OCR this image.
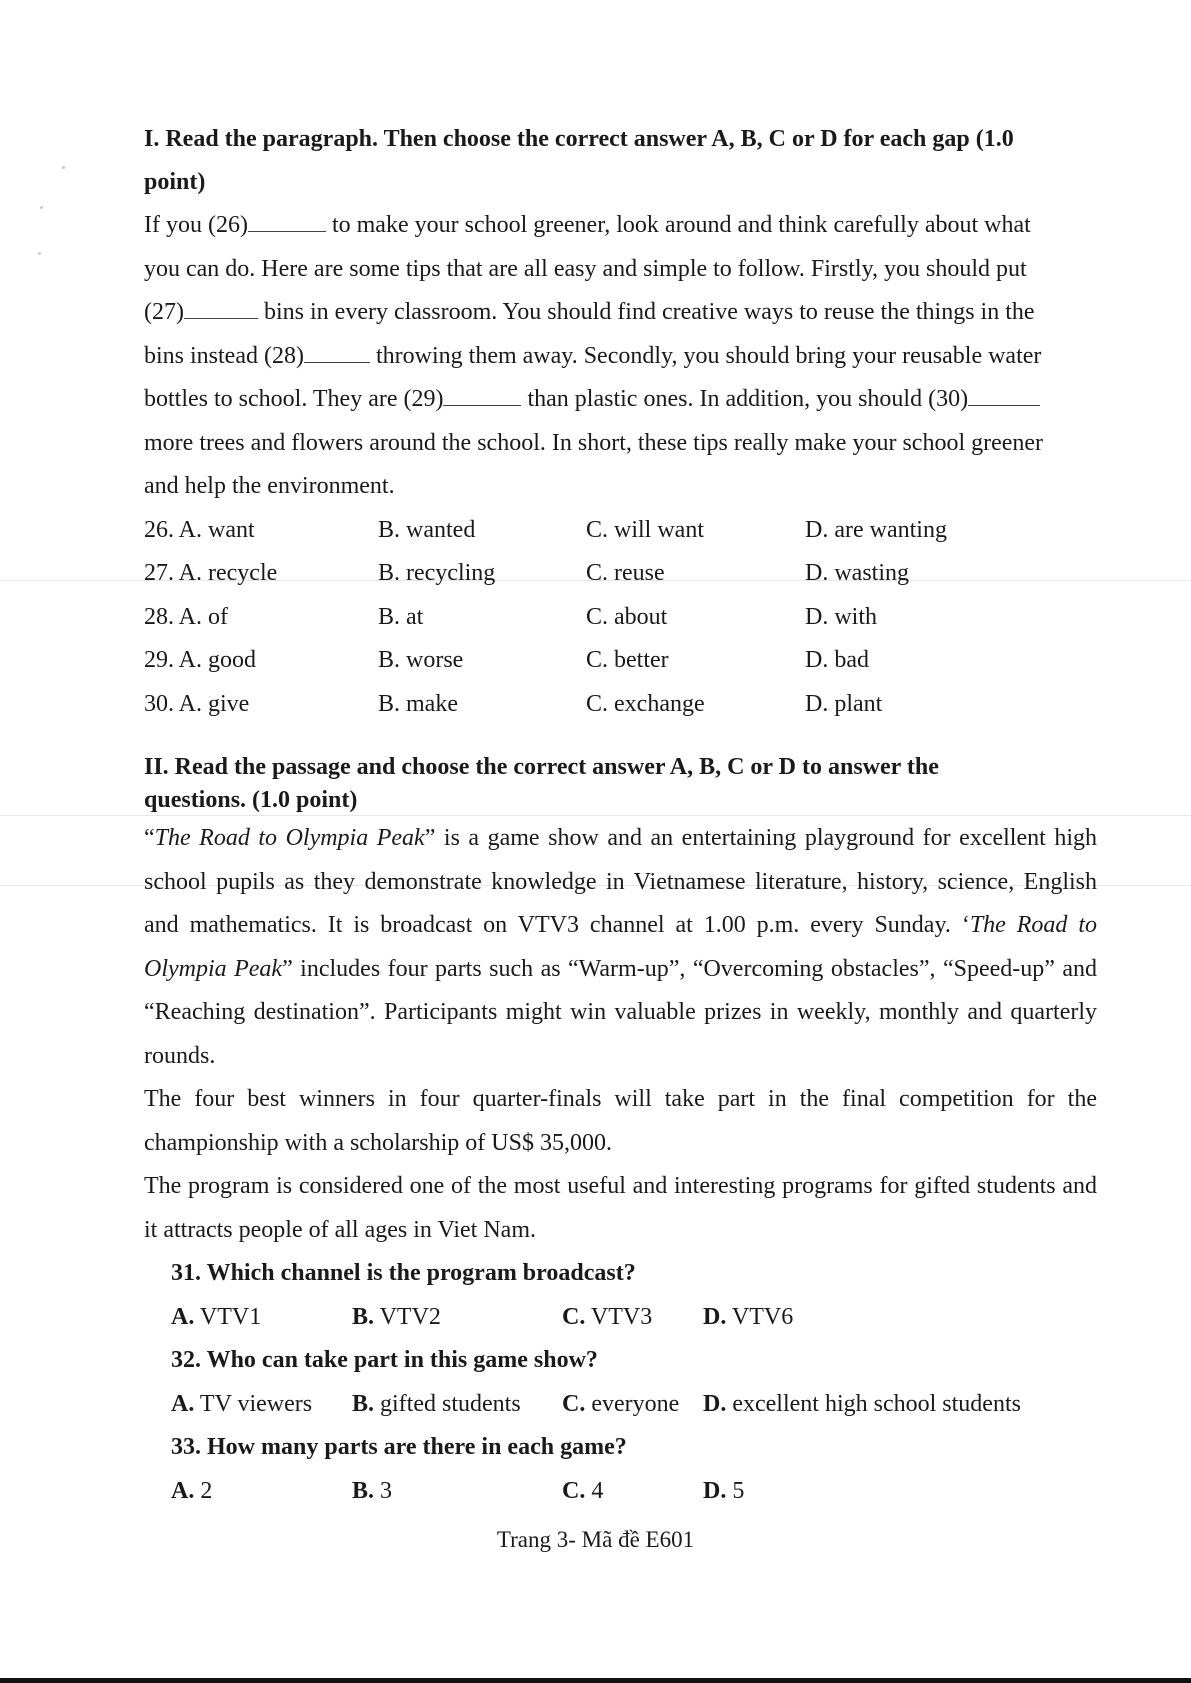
I. Read the paragraph. Then choose the correct answer A, B, C or D for each gap (1.0
point)

If you (26)	to make your school greener, look around and think carefully about what
you can do. Here are some tips that are all easy and simple to follow. Firstly, you should put
(27)	bins in every classroom. You should find creative ways to reuse the things in the
bins instead (28)	throwing them away. Secondly, you should bring your reusable water
bottles to school. They are (29)	than plastic ones. In addition, you should (30)
more trees and flowers around the school. In short, these tips really make your school greener
and help the environment.
26. A. want	B. wanted	C. will want	D. are wanting
27. A. recycle	B. recycling	C. reuse	D. wasting
28. A. of	B. at	C. about	D. with
29. A. good	B. worse	C. better	D. bad
30. A. give	B. make	C. exchange	D. plant

II. Read the passage and choose the correct answer A, B, C or D to answer the
questions. (1.0 point)

“The Road to Olympia Peak” is a game show and an entertaining playground for excellent high school pupils as they demonstrate knowledge in Vietnamese literature, history, science, English and mathematics. It is broadcast on VTV3 channel at 1.00 p.m. every Sunday. ‘The Road to Olympia Peak” includes four parts such as “Warm-up”, “Overcoming obstacles”, “Speed-up” and “Reaching destination”. Participants might win valuable prizes in weekly, monthly and quarterly rounds.

The four best winners in four quarter-finals will take part in the final competition for the championship with a scholarship of US$ 35,000.

The program is considered one of the most useful and interesting programs for gifted students and it attracts people of all ages in Viet Nam.

31. Which channel is the program broadcast?

A. VTV1	B. VTV2	C. VTV3	D. VTV6

32. Who can take part in this game show?

A. TV viewers	B. gifted students	C. everyone D. excellent high school students

33. How many parts are there in each game?

A. 2	B. 3	C. 4	D. 5
Trang 3- Mã đề E601
